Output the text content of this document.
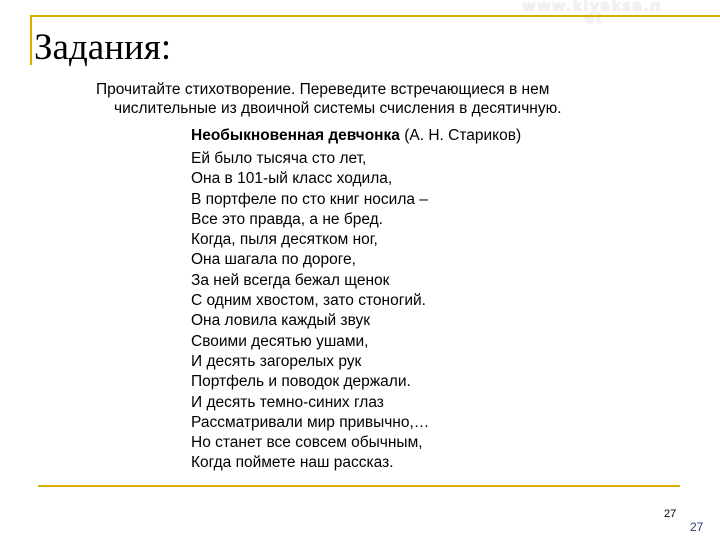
www.klyaksa.n
et
Задания:
Прочитайте стихотворение. Переведите встречающиеся в нем
числительные из двоичной системы счисления в десятичную.
Необыкновенная девчонка (А. Н. Стариков)
Ей было тысяча сто лет,
Она в 101-ый класс ходила,
В портфеле по сто книг носила –
Все это правда, а не бред.
Когда, пыля десятком ног,
Она шагала по дороге,
За ней всегда бежал щенок
С одним хвостом, зато стоногий.
Она ловила каждый звук
Своими десятью ушами,
И десять загорелых рук
Портфель и поводок держали.
И десять темно-синих глаз
Рассматривали мир привычно,…
Но станет все совсем обычным,
Когда поймете наш рассказ.
27
27
